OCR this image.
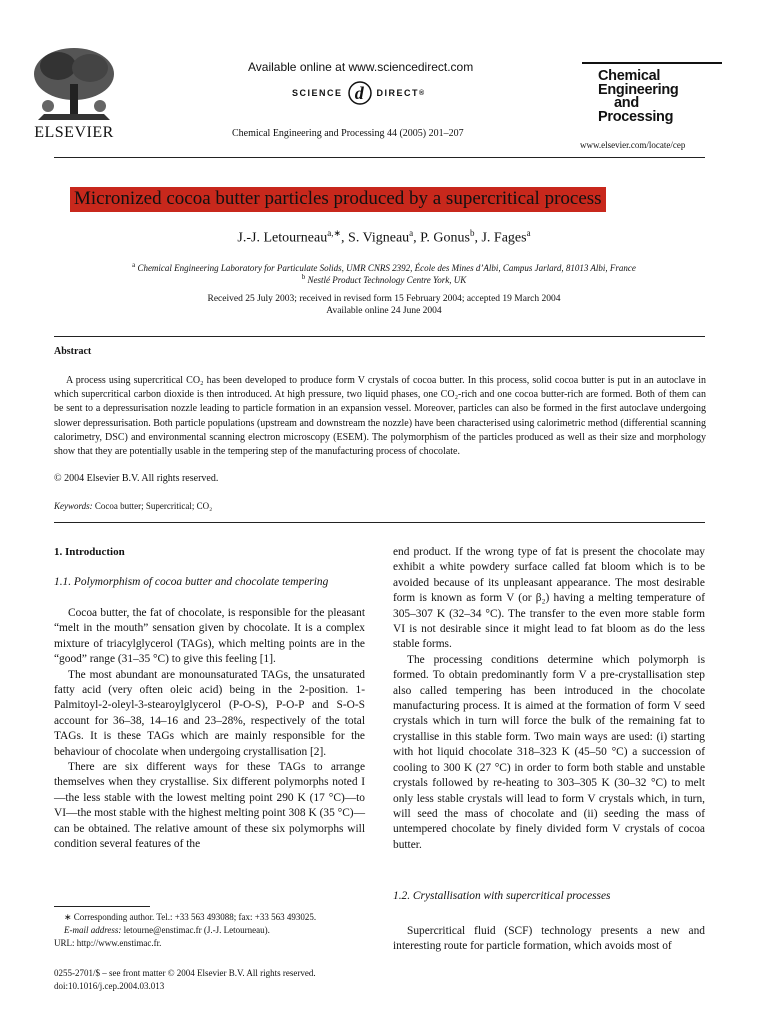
ELSEVIER
Available online at www.sciencedirect.com
SCIENCE d DIRECT ®
Chemical Engineering and Processing 44 (2005) 201–207
Chemical
Engineering
and
Processing
www.elsevier.com/locate/cep
Micronized cocoa butter particles produced by a supercritical process
J.-J. Letourneau$^{a,∗}$, S. Vigneau$^a$, P. Gonus$^b$, J. Fages$^a$
$^a$ Chemical Engineering Laboratory for Particulate Solids, UMR CNRS 2392, École des Mines d’Albi, Campus Jarlard, 81013 Albi, France
$^b$ Nestlé Product Technology Centre York, UK
Received 25 July 2003; received in revised form 15 February 2004; accepted 19 March 2004
Available online 24 June 2004
Abstract

A process using supercritical CO₂ has been developed to produce form V crystals of cocoa butter. In this process, solid cocoa butter is put in an autoclave in which supercritical carbon dioxide is then introduced. At high pressure, two liquid phases, one CO₂-rich and one cocoa butter-rich are formed. Both of them can be sent to a depressurisation nozzle leading to particle formation in an expansion vessel. Moreover, particles can also be formed in the first autoclave undergoing slower depressurisation. Both particle populations (upstream and downstream the nozzle) have been characterised using calorimetric method (differential scanning calorimetry, DSC) and environmental scanning electron microscopy (ESEM). The polymorphism of the particles produced as well as their size and morphology show that they are potentially usable in the tempering step of the manufacturing process of chocolate.

© 2004 Elsevier B.V. All rights reserved.
Keywords: Cocoa butter; Supercritical; CO₂
1. Introduction
1.1. Polymorphism of cocoa butter and chocolate tempering

Cocoa butter, the fat of chocolate, is responsible for the pleasant “melt in the mouth” sensation given by chocolate. It is a complex mixture of triacylglycerol (TAGs), which melting points are in the “good” range (31–35 °C) to give this feeling [1].

The most abundant are monounsaturated TAGs, the unsaturated fatty acid (very often oleic acid) being in the 2-position. 1-Palmitoyl-2-oleyl-3-stearoylglycerol (P-O-S), P-O-P and S-O-S account for 36–38, 14–16 and 23–28%, respectively of the total TAGs. It is these TAGs which are mainly responsible for the behaviour of chocolate when undergoing crystallisation [2].

There are six different ways for these TAGs to arrange themselves when they crystallise. Six different polymorphs noted I—the less stable with the lowest melting point 290 K (17 °C)—to VI—the most stable with the highest melting point 308 K (35 °C)—can be obtained. The relative amount of these six polymorphs will condition several features of the

end product. If the wrong type of fat is present the chocolate may exhibit a white powdery surface called fat bloom which is to be avoided because of its unpleasant appearance. The most desirable form is known as form V (or β₂) having a melting temperature of 305–307 K (32–34 °C). The transfer to the even more stable form VI is not desirable since it might lead to fat bloom as do the less stable forms.

The processing conditions determine which polymorph is formed. To obtain predominantly form V a pre-crystallisation step also called tempering has been introduced in the chocolate manufacturing process. It is aimed at the formation of form V seed crystals which in turn will force the bulk of the remaining fat to crystallise in this stable form. Two main ways are used: (i) starting with hot liquid chocolate 318–323 K (45–50 °C) a succession of cooling to 300 K (27 °C) in order to form both stable and unstable crystals followed by re-heating to 303–305 K (30–32 °C) to melt only less stable crystals will lead to form V crystals which, in turn, will seed the mass of chocolate and (ii) seeding the mass of untempered chocolate by finely divided form V crystals of cocoa butter.

1.2. Crystallisation with supercritical processes

Supercritical fluid (SCF) technology presents a new and interesting route for particle formation, which avoids most of

∗ Corresponding author. Tel.: +33 563 493088; fax: +33 563 493025.
E-mail address: letourne@enstimac.fr (J.-J. Letourneau).
URL: http://www.enstimac.fr.
0255-2701/$ – see front matter © 2004 Elsevier B.V. All rights reserved.
doi:10.1016/j.cep.2004.03.013
